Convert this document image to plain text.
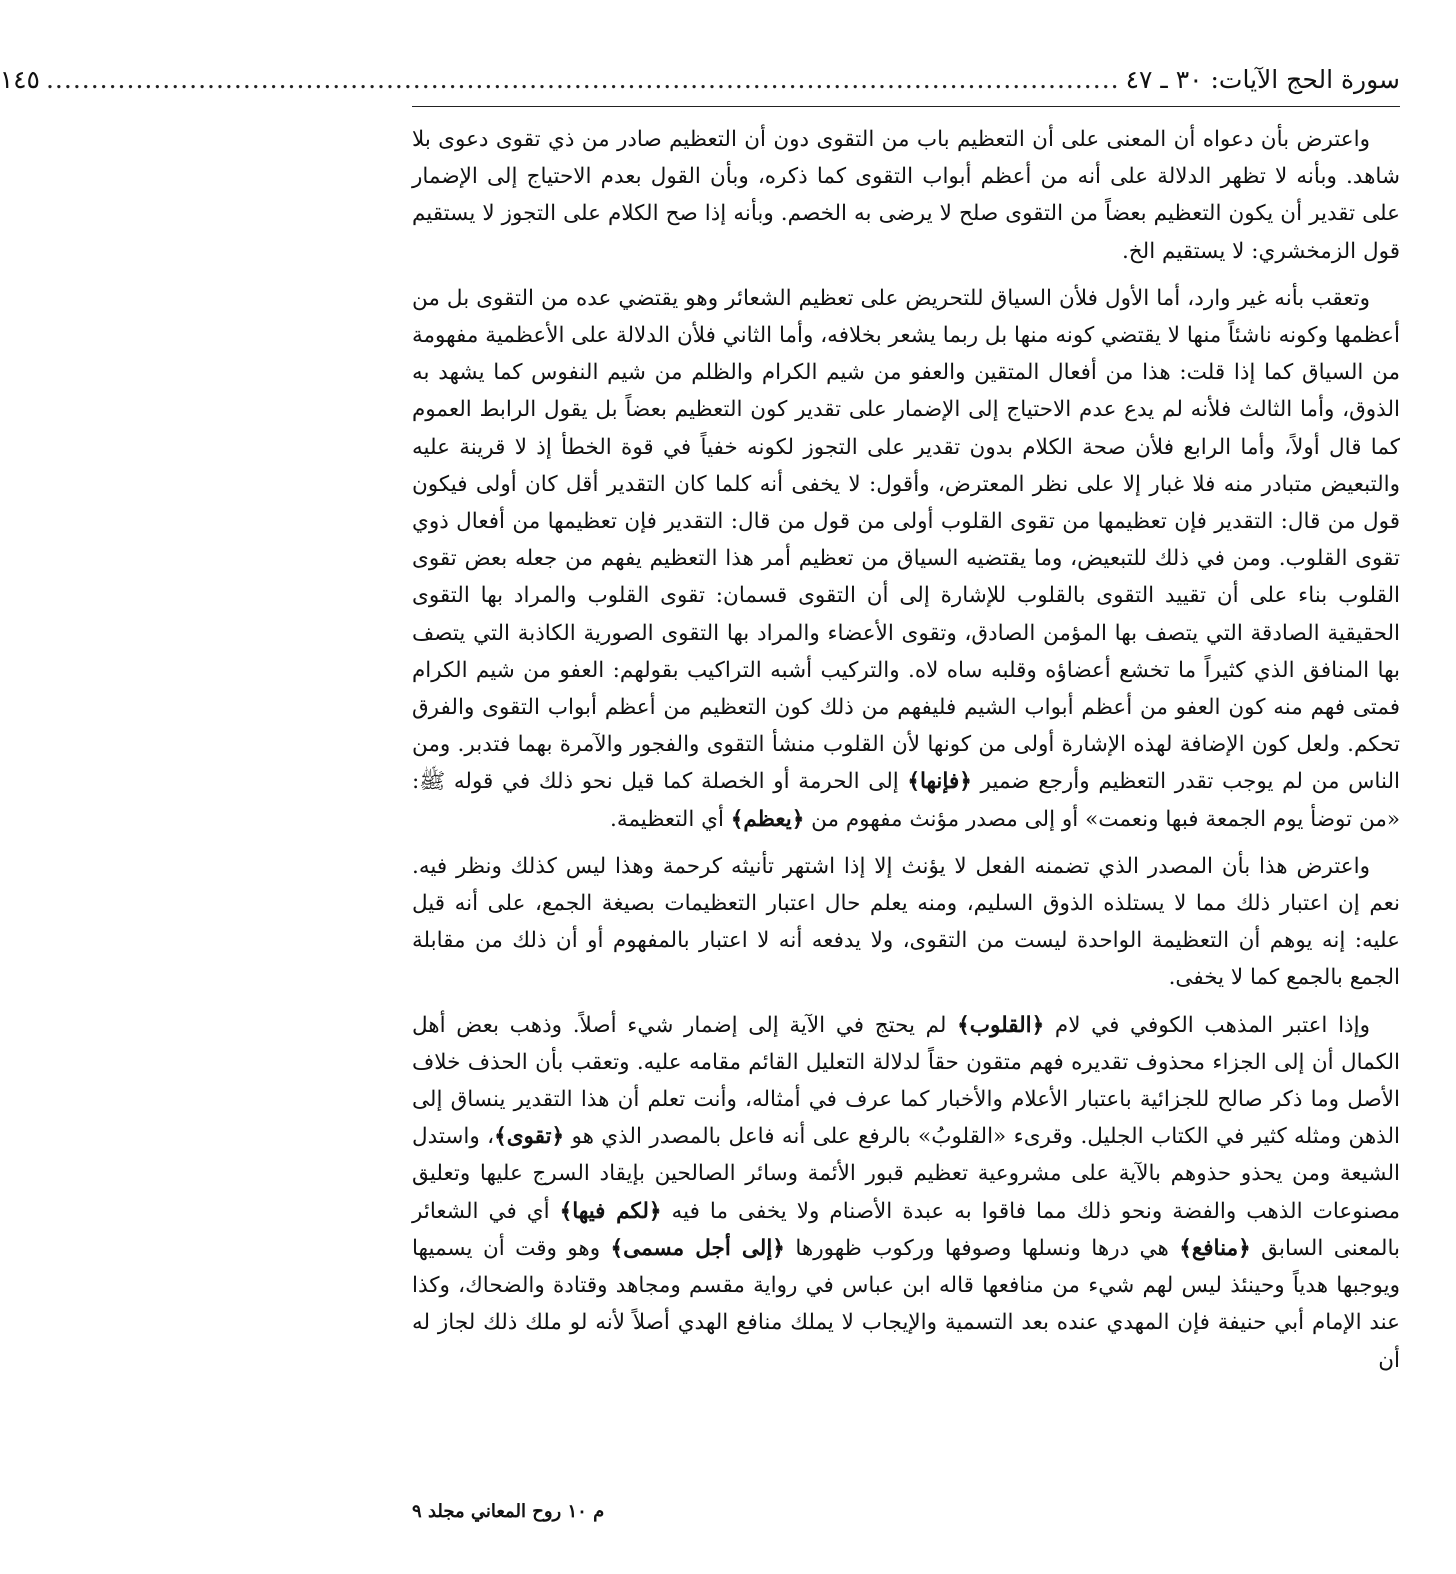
سورة الحج الآيات: ٣٠ ـ ٤٧
........................................................................................................................
١٤٥

واعترض بأن دعواه أن المعنى على أن التعظيم باب من التقوى دون أن التعظيم صادر من ذي تقوى دعوى بلا شاهد. وبأنه لا تظهر الدلالة على أنه من أعظم أبواب التقوى كما ذكره، وبأن القول بعدم الاحتياج إلى الإضمار على تقدير أن يكون التعظيم بعضاً من التقوى صلح لا يرضى به الخصم. وبأنه إذا صح الكلام على التجوز لا يستقيم قول الزمخشري: لا يستقيم الخ.

وتعقب بأنه غير وارد، أما الأول فلأن السياق للتحريض على تعظيم الشعائر وهو يقتضي عده من التقوى بل من أعظمها وكونه ناشئاً منها لا يقتضي كونه منها بل ربما يشعر بخلافه، وأما الثاني فلأن الدلالة على الأعظمية مفهومة من السياق كما إذا قلت: هذا من أفعال المتقين والعفو من شيم الكرام والظلم من شيم النفوس كما يشهد به الذوق، وأما الثالث فلأنه لم يدع عدم الاحتياج إلى الإضمار على تقدير كون التعظيم بعضاً بل يقول الرابط العموم كما قال أولاً، وأما الرابع فلأن صحة الكلام بدون تقدير على التجوز لكونه خفياً في قوة الخطأ إذ لا قرينة عليه والتبعيض متبادر منه فلا غبار إلا على نظر المعترض، وأقول: لا يخفى أنه كلما كان التقدير أقل كان أولى فيكون قول من قال: التقدير فإن تعظيمها من تقوى القلوب أولى من قول من قال: التقدير فإن تعظيمها من أفعال ذوي تقوى القلوب. ومن في ذلك للتبعيض، وما يقتضيه السياق من تعظيم أمر هذا التعظيم يفهم من جعله بعض تقوى القلوب بناء على أن تقييد التقوى بالقلوب للإشارة إلى أن التقوى قسمان: تقوى القلوب والمراد بها التقوى الحقيقية الصادقة التي يتصف بها المؤمن الصادق، وتقوى الأعضاء والمراد بها التقوى الصورية الكاذبة التي يتصف بها المنافق الذي كثيراً ما تخشع أعضاؤه وقلبه ساه لاه. والتركيب أشبه التراكيب بقولهم: العفو من شيم الكرام فمتى فهم منه كون العفو من أعظم أبواب الشيم فليفهم من ذلك كون التعظيم من أعظم أبواب التقوى والفرق تحكم. ولعل كون الإضافة لهذه الإشارة أولى من كونها لأن القلوب منشأ التقوى والفجور والآمرة بهما فتدبر. ومن الناس من لم يوجب تقدر التعظيم وأرجع ضمير ﴿فإنها﴾ إلى الحرمة أو الخصلة كما قيل نحو ذلك في قوله ﷺ: «من توضأ يوم الجمعة فبها ونعمت» أو إلى مصدر مؤنث مفهوم من ﴿يعظم﴾ أي التعظيمة.

واعترض هذا بأن المصدر الذي تضمنه الفعل لا يؤنث إلا إذا اشتهر تأنيثه كرحمة وهذا ليس كذلك ونظر فيه. نعم إن اعتبار ذلك مما لا يستلذه الذوق السليم، ومنه يعلم حال اعتبار التعظيمات بصيغة الجمع، على أنه قيل عليه: إنه يوهم أن التعظيمة الواحدة ليست من التقوى، ولا يدفعه أنه لا اعتبار بالمفهوم أو أن ذلك من مقابلة الجمع بالجمع كما لا يخفى.

وإذا اعتبر المذهب الكوفي في لام ﴿القلوب﴾ لم يحتج في الآية إلى إضمار شيء أصلاً. وذهب بعض أهل الكمال أن إلى الجزاء محذوف تقديره فهم متقون حقاً لدلالة التعليل القائم مقامه عليه. وتعقب بأن الحذف خلاف الأصل وما ذكر صالح للجزائية باعتبار الأعلام والأخبار كما عرف في أمثاله، وأنت تعلم أن هذا التقدير ينساق إلى الذهن ومثله كثير في الكتاب الجليل. وقرىء «القلوبُ» بالرفع على أنه فاعل بالمصدر الذي هو ﴿تقوى﴾، واستدل الشيعة ومن يحذو حذوهم بالآية على مشروعية تعظيم قبور الأئمة وسائر الصالحين بإيقاد السرج عليها وتعليق مصنوعات الذهب والفضة ونحو ذلك مما فاقوا به عبدة الأصنام ولا يخفى ما فيه ﴿لكم فيها﴾ أي في الشعائر بالمعنى السابق ﴿منافع﴾ هي درها ونسلها وصوفها وركوب ظهورها ﴿إلى أجل مسمى﴾ وهو وقت أن يسميها ويوجبها هدياً وحينئذ ليس لهم شيء من منافعها قاله ابن عباس في رواية مقسم ومجاهد وقتادة والضحاك، وكذا عند الإمام أبي حنيفة فإن المهدي عنده بعد التسمية والإيجاب لا يملك منافع الهدي أصلاً لأنه لو ملك ذلك لجاز له أن

م ١٠ روح المعاني مجلد ٩
